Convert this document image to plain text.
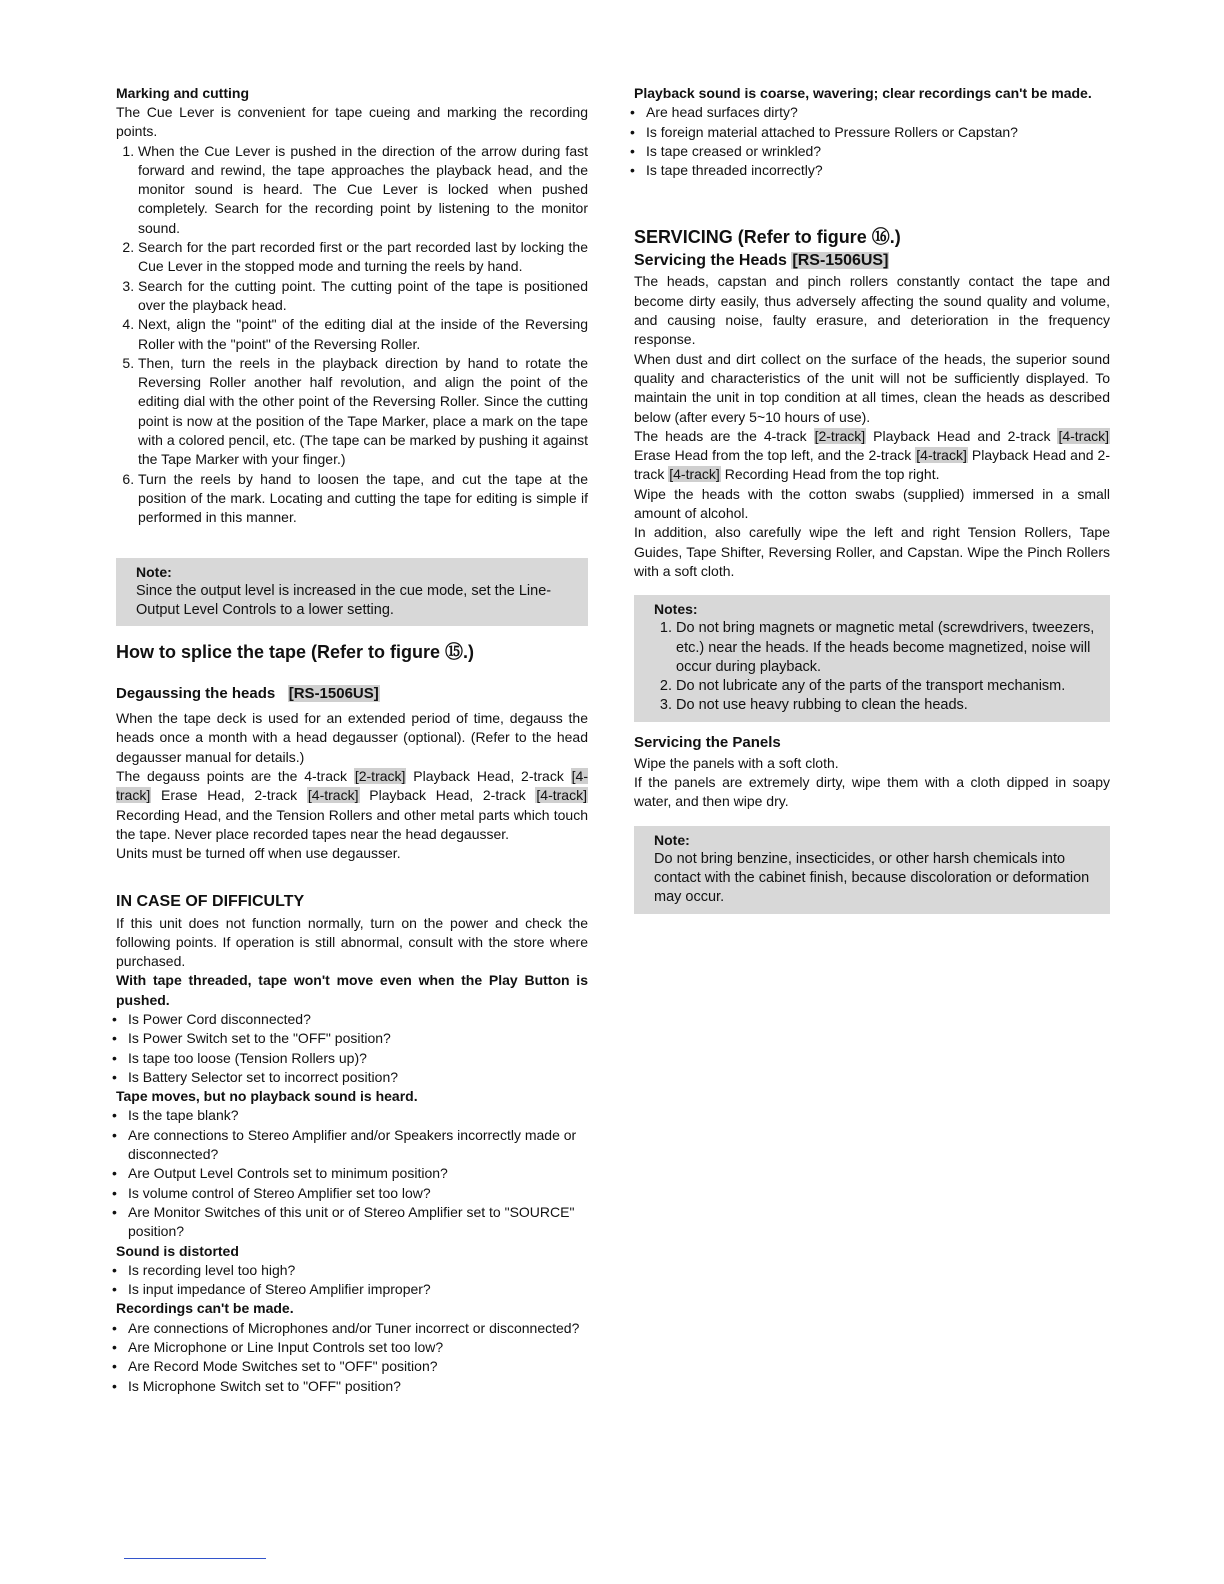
Marking and cutting

The Cue Lever is convenient for tape cueing and marking the recording points.

1. When the Cue Lever is pushed in the direction of the arrow during fast forward and rewind, the tape approaches the playback head, and the monitor sound is heard. The Cue Lever is locked when pushed completely. Search for the recording point by listening to the monitor sound.
2. Search for the part recorded first or the part recorded last by locking the Cue Lever in the stopped mode and turning the reels by hand.
3. Search for the cutting point. The cutting point of the tape is positioned over the playback head.
4. Next, align the "point" of the editing dial at the inside of the Reversing Roller with the "point" of the Reversing Roller.
5. Then, turn the reels in the playback direction by hand to rotate the Reversing Roller another half revolution, and align the point of the editing dial with the other point of the Reversing Roller. Since the cutting point is now at the position of the Tape Marker, place a mark on the tape with a colored pencil, etc. (The tape can be marked by pushing it against the Tape Marker with your finger.)
6. Turn the reels by hand to loosen the tape, and cut the tape at the position of the mark. Locating and cutting the tape for editing is simple if performed in this manner.
Note:

Since the output level is increased in the cue mode, set the Line-Output Level Controls to a lower setting.

How to splice the tape (Refer to figure ⑮.)
Degaussing the heads [RS-1506US]

When the tape deck is used for an extended period of time, degauss the heads once a month with a head degausser (optional). (Refer to the head degausser manual for details.)

The degauss points are the 4-track [2-track] Playback Head, 2-track [4-track] Erase Head, 2-track [4-track] Playback Head, 2-track [4-track] Recording Head, and the Tension Rollers and other metal parts which touch the tape. Never place recorded tapes near the head degausser.

Units must be turned off when use degausser.

IN CASE OF DIFFICULTY

If this unit does not function normally, turn on the power and check the following points. If operation is still abnormal, consult with the store where purchased.

With tape threaded, tape won't move even when the Play Button is pushed.

• Is Power Cord disconnected?
• Is Power Switch set to the "OFF" position?
• Is tape too loose (Tension Rollers up)?
• Is Battery Selector set to incorrect position?

Tape moves, but no playback sound is heard.

• Is the tape blank?
• Are connections to Stereo Amplifier and/or Speakers incorrectly made or disconnected?
• Are Output Level Controls set to minimum position?
• Is volume control of Stereo Amplifier set too low?
• Are Monitor Switches of this unit or of Stereo Amplifier set to "SOURCE" position?

Sound is distorted

• Is recording level too high?
• Is input impedance of Stereo Amplifier improper?

Recordings can't be made.

• Are connections of Microphones and/or Tuner incorrect or disconnected?
• Are Microphone or Line Input Controls set too low?
• Are Record Mode Switches set to "OFF" position?
• Is Microphone Switch set to "OFF" position?

Playback sound is coarse, wavering; clear recordings can't be made.

• Are head surfaces dirty?
• Is foreign material attached to Pressure Rollers or Capstan?
• Is tape creased or wrinkled?
• Is tape threaded incorrectly?
SERVICING (Refer to figure ⑯.)
Servicing the Heads [RS-1506US]

The heads, capstan and pinch rollers constantly contact the tape and become dirty easily, thus adversely affecting the sound quality and volume, and causing noise, faulty erasure, and deterioration in the frequency response.

When dust and dirt collect on the surface of the heads, the superior sound quality and characteristics of the unit will not be sufficiently displayed. To maintain the unit in top condition at all times, clean the heads as described below (after every 5~10 hours of use).

The heads are the 4-track [2-track] Playback Head and 2-track [4-track] Erase Head from the top left, and the 2-track [4-track] Playback Head and 2-track [4-track] Recording Head from the top right.

Wipe the heads with the cotton swabs (supplied) immersed in a small amount of alcohol.

In addition, also carefully wipe the left and right Tension Rollers, Tape Guides, Tape Shifter, Reversing Roller, and Capstan. Wipe the Pinch Rollers with a soft cloth.

Notes:
1. Do not bring magnets or magnetic metal (screwdrivers, tweezers, etc.) near the heads. If the heads become magnetized, noise will occur during playback.
2. Do not lubricate any of the parts of the transport mechanism.
3. Do not use heavy rubbing to clean the heads.
Servicing the Panels

Wipe the panels with a soft cloth.

If the panels are extremely dirty, wipe them with a cloth dipped in soapy water, and then wipe dry.

Note:

Do not bring benzine, insecticides, or other harsh chemicals into contact with the cabinet finish, because discoloration or deformation may occur.
